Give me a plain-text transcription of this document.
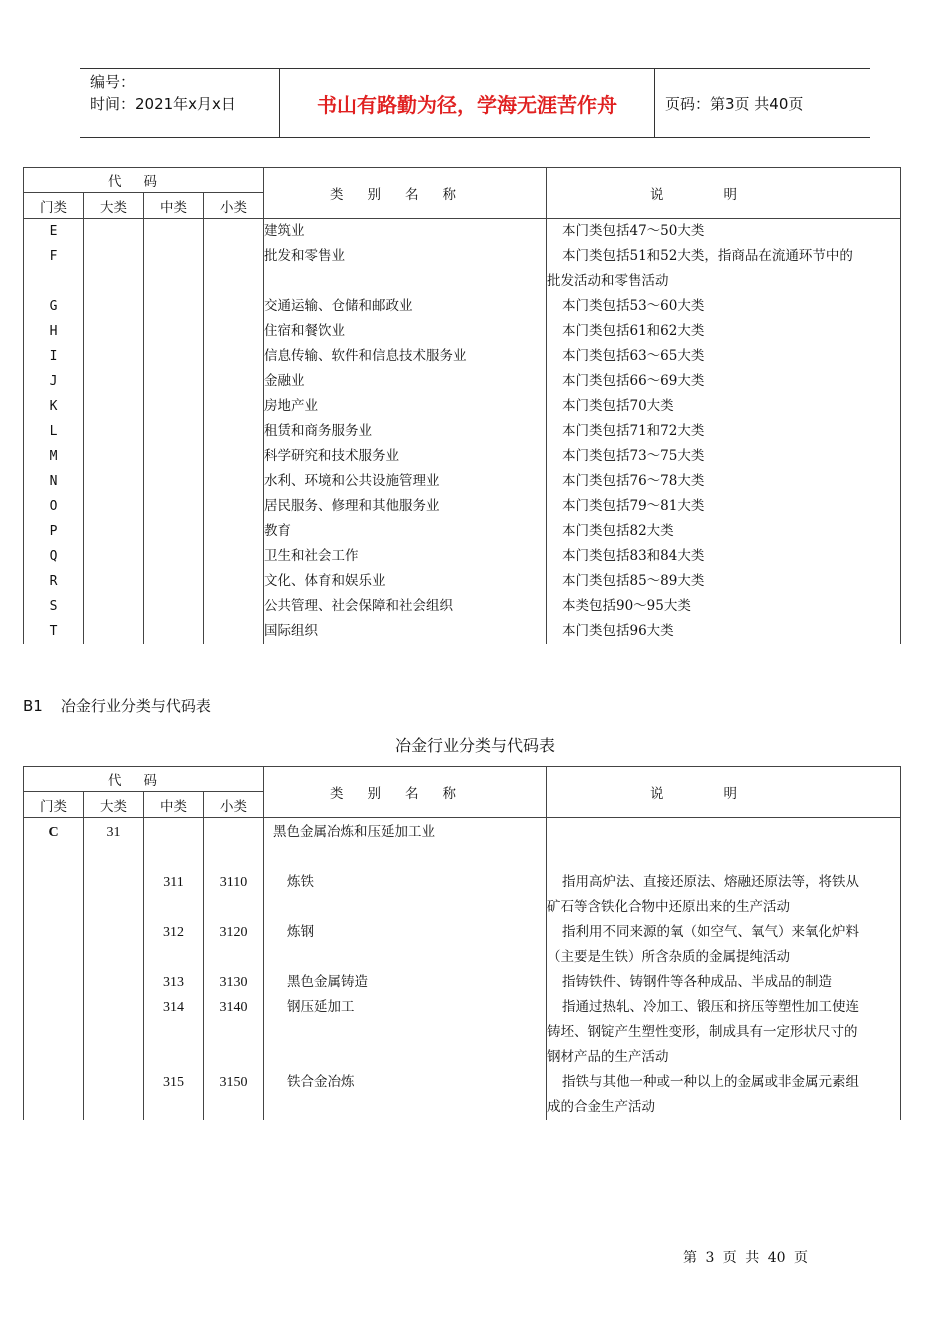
编号：
时间：2021年x月x日	书山有路勤为径，学海无涯苦作舟	页码：第3页 共40页
代码				类别名称	说明
门类	大类	中类	小类		
E				建筑业	本门类包括47～50大类
F				批发和零售业	本门类包括51和52大类，指商品在流通环节中的
					批发活动和零售活动
G				交通运输、仓储和邮政业	本门类包括53～60大类
H				住宿和餐饮业	本门类包括61和62大类
I				信息传输、软件和信息技术服务业	本门类包括63～65大类
J				金融业	本门类包括66～69大类
K				房地产业	本门类包括70大类
L				租赁和商务服务业	本门类包括71和72大类
M				科学研究和技术服务业	本门类包括73～75大类
N				水利、环境和公共设施管理业	本门类包括76～78大类
O				居民服务、修理和其他服务业	本门类包括79～81大类
P				教育	本门类包括82大类
Q				卫生和社会工作	本门类包括83和84大类
R				文化、体育和娱乐业	本门类包括85～89大类
S				公共管理、社会保障和社会组织	本类包括90～95大类
T				国际组织	本门类包括96大类
B1 冶金行业分类与代码表
冶金行业分类与代码表
代码				类别名称	说明
门类	大类	中类	小类		
C	31			黑色金属冶炼和压延加工业	

		311	3110	炼铁	指用高炉法、直接还原法、熔融还原法等，将铁从
					矿石等含铁化合物中还原出来的生产活动
		312	3120	炼钢	指利用不同来源的氧（如空气、氧气）来氧化炉料
					（主要是生铁）所含杂质的金属提纯活动
		313	3130	黑色金属铸造	指铸铁件、铸钢件等各种成品、半成品的制造
		314	3140	钢压延加工	指通过热轧、冷加工、锻压和挤压等塑性加工使连
					铸坯、钢锭产生塑性变形，制成具有一定形状尺寸的
					钢材产品的生产活动
		315	3150	铁合金冶炼	指铁与其他一种或一种以上的金属或非金属元素组
					成的合金生产活动
第 3 页 共 40 页
